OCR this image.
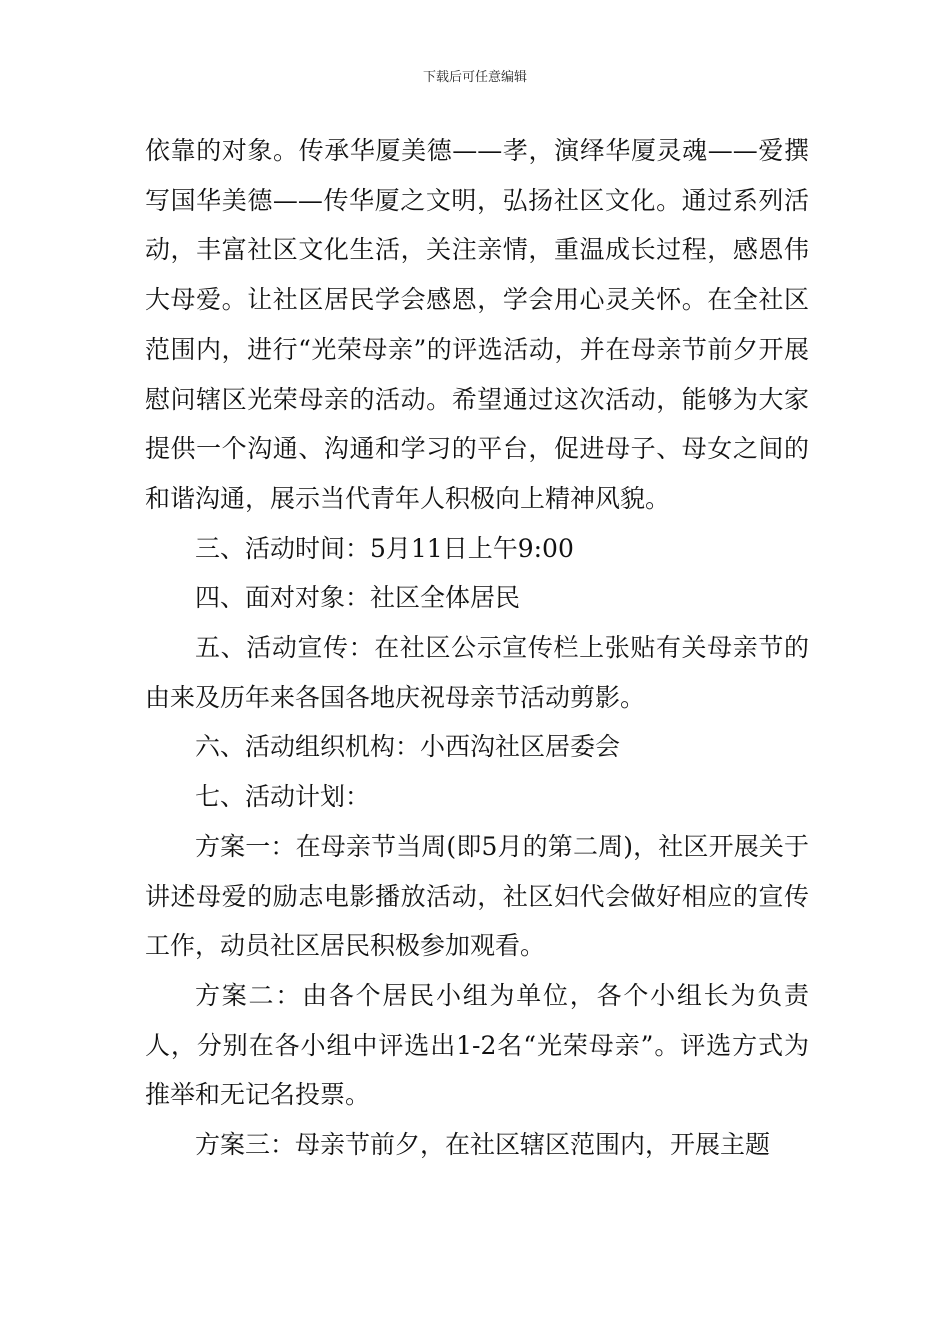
下载后可任意编辑

依靠的对象。传承华厦美德——孝，演绎华厦灵魂——爱撰写国华美德——传华厦之文明，弘扬社区文化。通过系列活动，丰富社区文化生活，关注亲情，重温成长过程，感恩伟大母爱。让社区居民学会感恩，学会用心灵关怀。在全社区范围内，进行“光荣母亲”的评选活动，并在母亲节前夕开展慰问辖区光荣母亲的活动。希望通过这次活动，能够为大家提供一个沟通、沟通和学习的平台，促进母子、母女之间的和谐沟通，展示当代青年人积极向上精神风貌。

三、活动时间：5月11日上午9:00

四、面对对象：社区全体居民

五、活动宣传：在社区公示宣传栏上张贴有关母亲节的由来及历年来各国各地庆祝母亲节活动剪影。

六、活动组织机构：小西沟社区居委会

七、活动计划：

方案一：在母亲节当周(即5月的第二周)，社区开展关于讲述母爱的励志电影播放活动，社区妇代会做好相应的宣传工作，动员社区居民积极参加观看。

方案二：由各个居民小组为单位，各个小组长为负责人，分别在各小组中评选出1-2名“光荣母亲”。评选方式为推举和无记名投票。

方案三：母亲节前夕，在社区辖区范围内，开展主题
